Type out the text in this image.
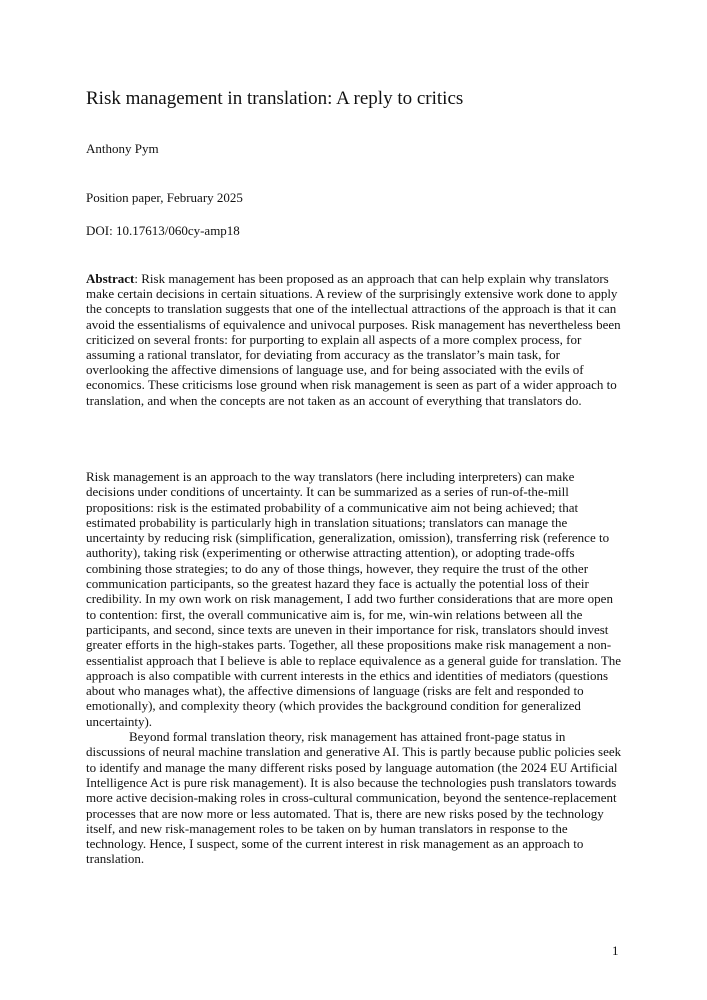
Risk management in translation: A reply to critics
Anthony Pym
Position paper, February 2025
DOI: 10.17613/060cy-amp18

Abstract: Risk management has been proposed as an approach that can help explain why translators make certain decisions in certain situations. A review of the surprisingly extensive work done to apply the concepts to translation suggests that one of the intellectual attractions of the approach is that it can avoid the essentialisms of equivalence and univocal purposes. Risk management has nevertheless been criticized on several fronts: for purporting to explain all aspects of a more complex process, for assuming a rational translator, for deviating from accuracy as the translator’s main task, for overlooking the affective dimensions of language use, and for being associated with the evils of economics. These criticisms lose ground when risk management is seen as part of a wider approach to translation, and when the concepts are not taken as an account of everything that translators do.

Risk management is an approach to the way translators (here including interpreters) can make decisions under conditions of uncertainty. It can be summarized as a series of run-of-the-mill propositions: risk is the estimated probability of a communicative aim not being achieved; that estimated probability is particularly high in translation situations; translators can manage the uncertainty by reducing risk (simplification, generalization, omission), transferring risk (reference to authority), taking risk (experimenting or otherwise attracting attention), or adopting trade-offs combining those strategies; to do any of those things, however, they require the trust of the other communication participants, so the greatest hazard they face is actually the potential loss of their credibility. In my own work on risk management, I add two further considerations that are more open to contention: first, the overall communicative aim is, for me, win-win relations between all the participants, and second, since texts are uneven in their importance for risk, translators should invest greater efforts in the high-stakes parts. Together, all these propositions make risk management a non-essentialist approach that I believe is able to replace equivalence as a general guide for translation. The approach is also compatible with current interests in the ethics and identities of mediators (questions about who manages what), the affective dimensions of language (risks are felt and responded to emotionally), and complexity theory (which provides the background condition for generalized uncertainty).

Beyond formal translation theory, risk management has attained front-page status in discussions of neural machine translation and generative AI. This is partly because public policies seek to identify and manage the many different risks posed by language automation (the 2024 EU Artificial Intelligence Act is pure risk management). It is also because the technologies push translators towards more active decision-making roles in cross-cultural communication, beyond the sentence-replacement processes that are now more or less automated. That is, there are new risks posed by the technology itself, and new risk-management roles to be taken on by human translators in response to the technology. Hence, I suspect, some of the current interest in risk management as an approach to translation.

1
